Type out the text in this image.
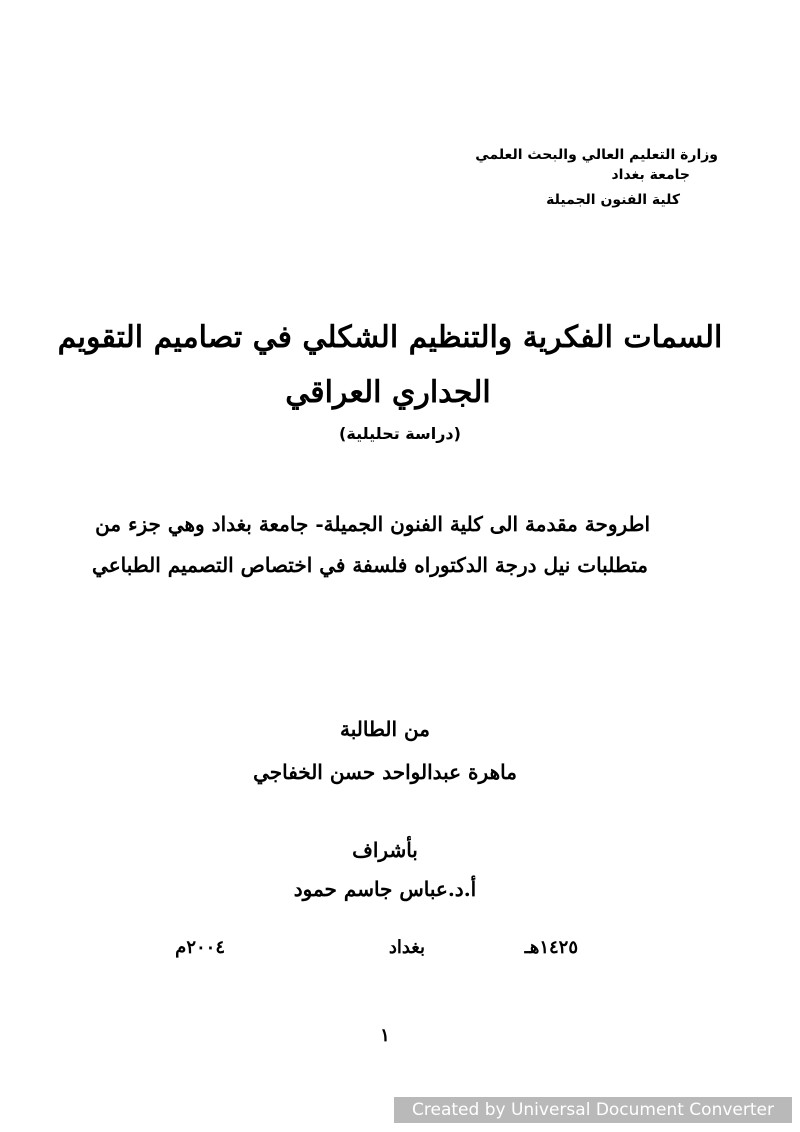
وزارة التعليم العالي والبحث العلمي
جامعة بغداد
كلية الفنون الجميلة
السمات الفكرية والتنظيم الشكلي في تصاميم التقويم
الجداري العراقي
(دراسة تحليلية)
اطروحة مقدمة الى كلية الفنون الجميلة- جامعة بغداد وهي جزء من
متطلبات نيل درجة الدكتوراه فلسفة في اختصاص التصميم الطباعي
من الطالبة
ماهرة عبدالواحد حسن الخفاجي
بأشراف
أ.د.عباس جاسم حمود
١٤٢٥هـ
بغداد
٢٠٠٤م
١
Created by Universal Document Converter
